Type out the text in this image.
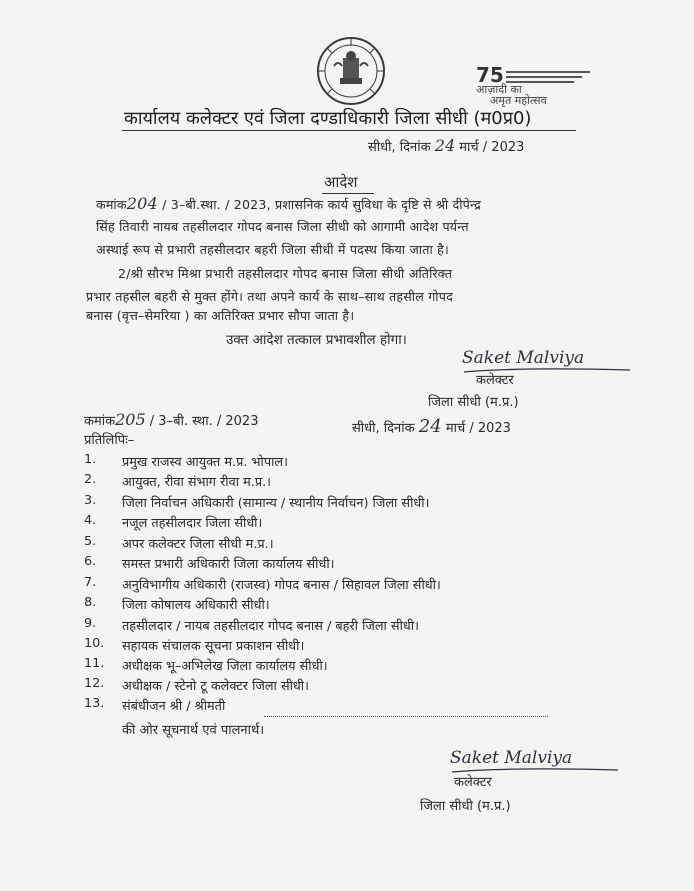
75
आज़ादी का
अमृत महोत्सव
कार्यालय कलेक्टर एवं जिला दण्डाधिकारी जिला सीधी (म0प्र0)
सीधी, दिनांक 24 मार्च / 2023
आदेश
कमांक204 / 3–बी.स्था. / 2023, प्रशासनिक कार्य सुविधा के दृष्टि से श्री दीपेन्द्र
सिंह तिवारी नायब तहसीलदार गोपद बनास जिला सीधी को आगामी आदेश पर्यन्त
अस्थाई रूप से प्रभारी तहसीलदार बहरी जिला सीधी में पदस्थ किया जाता है।
2/श्री सौरभ मिश्रा प्रभारी तहसीलदार गोपद बनास जिला सीधी अतिरिक्त
प्रभार तहसील बहरी से मुक्त होंगे। तथा अपने कार्य के साथ–साथ तहसील गोपद
बनास (वृत्त–सेमरिया ) का अतिरिक्त प्रभार सौपा जाता है।
उक्त आदेश तत्काल प्रभावशील होगा।
Saket Malviya
कलेक्टर
जिला सीधी (म.प्र.)
कमांक205 / 3–बी. स्था. / 2023	सीधी, दिनांक 24 मार्च / 2023
प्रतिलिपिः–
1.	प्रमुख राजस्व आयुक्त म.प्र. भोपाल।
2.	आयुक्त, रीवा संभाग रीवा म.प्र.।
3.	जिला निर्वाचन अधिकारी (सामान्य / स्थानीय निर्वाचन) जिला सीधी।
4.	नजूल तहसीलदार जिला सीधी।
5.	अपर कलेक्टर जिला सीधी म.प्र.।
6.	समस्त प्रभारी अधिकारी जिला कार्यालय सीधी।
7.	अनुविभागीय अधिकारी (राजस्व) गोपद बनास / सिहावल जिला सीधी।
8.	जिला कोषालय अधिकारी सीधी।
9.	तहसीलदार / नायब तहसीलदार गोपद बनास / बहरी जिला सीधी।
10. सहायक संचालक सूचना प्रकाशन सीधी।
11. अधीक्षक भू–अभिलेख जिला कार्यालय सीधी।
12. अधीक्षक / स्टेनो टू कलेक्टर जिला सीधी।
13. संबंधीजन श्री / श्रीमती
की ओर सूचनार्थ एवं पालनार्थ।
Saket Malviya
कलेक्टर
जिला सीधी (म.प्र.)
